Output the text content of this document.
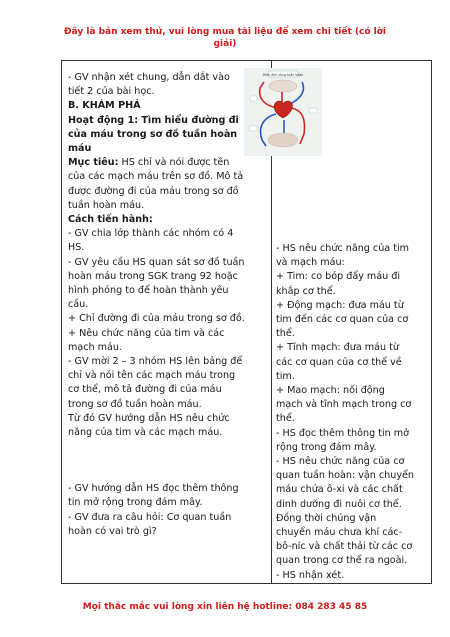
Đây là bản xem thử, vui lòng mua tài liệu để xem chi tiết (có lời giải)
- GV nhận xét chung, dẫn dắt vào
tiết 2 của bài học.
B. KHÁM PHÁ
Hoạt động 1: Tìm hiểu đường đi
của máu trong sơ đồ tuần hoàn
máu
Mục tiêu: HS chỉ và nói được tên
của các mạch máu trên sơ đồ. Mô tả
được đường đi của máu trong sơ đồ
tuần hoàn máu.
Cách tiến hành:
- GV chia lớp thành các nhóm có 4
HS.
- GV yêu cầu HS quan sát sơ đồ tuần
hoàn máu trong SGK trang 92 hoặc
hình phóng to để hoàn thành yêu
cầu.
+ Chỉ đường đi của máu trong sơ đồ.
+ Nêu chức năng của tim và các
mạch máu.
- GV mời 2 – 3 nhóm HS lên bảng để
chỉ và nói tên các mạch máu trong
cơ thể, mô tả đường đi của máu
trong sơ đồ tuần hoàn máu.
Từ đó GV hướng dẫn HS nêu chức
năng của tim và các mạch máu.
- GV hướng dẫn HS đọc thêm thông
tin mở rộng trong đám mây.
- GV đưa ra câu hỏi: Cơ quan tuần
hoàn có vai trò gì?
- HS nêu chức năng của tim
và mạch máu:
+ Tim: co bóp đẩy máu đi
khắp cơ thể.
+ Động mạch: đưa máu từ
tim đến các cơ quan của cơ
thể.
+ Tĩnh mạch: đưa máu từ
các cơ quan của cơ thể về
tim.
+ Mao mạch: nối động
mạch và tĩnh mạch trong cơ
thể.
- HS đọc thêm thông tin mở
rộng trong đám mây.
- HS nêu chức năng của cơ
quan tuần hoàn: vận chuyển
máu chứa ô-xi và các chất
dinh dưỡng đi nuôi cơ thể.
Đồng thời chúng vận
chuyển máu chưa khí các-
bô-níc và chất thải từ các cơ
quan trong cơ thể ra ngoài.
- HS nhận xét.
Hình ảnh vòng tuần hoàn
Mọi thắc mắc vui lòng xin liên hệ hotline: 084 283 45 85
